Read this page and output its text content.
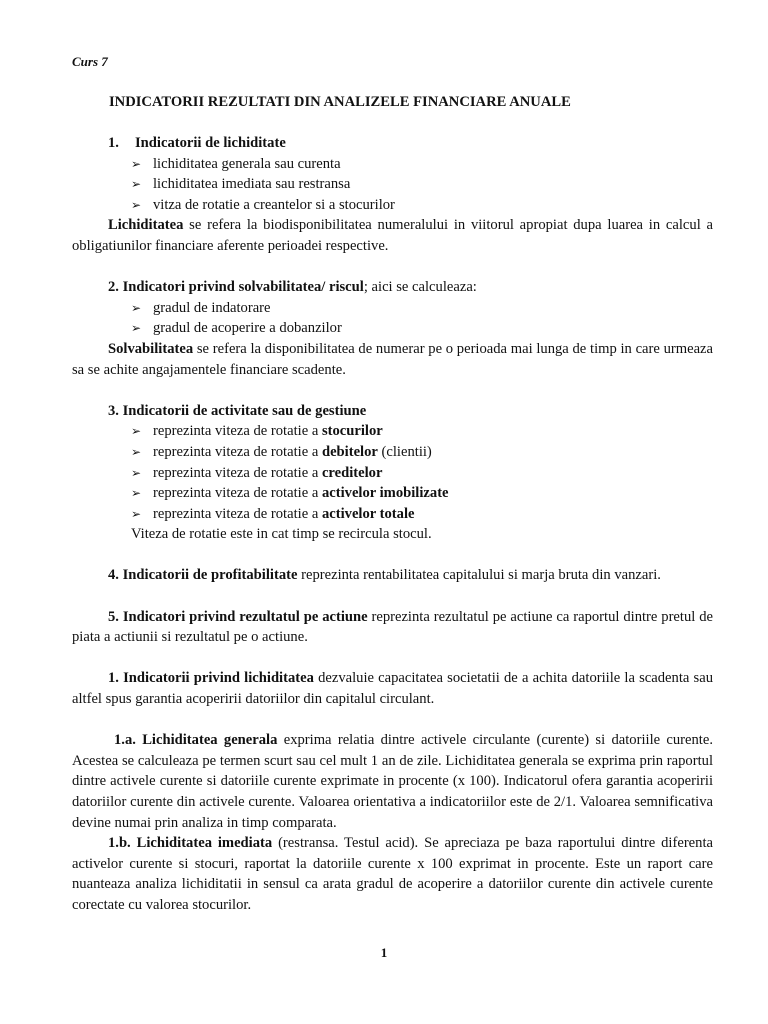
Curs 7
INDICATORII REZULTATI DIN ANALIZELE FINANCIARE ANUALE

1. Indicatorii de lichiditate

➢ lichiditatea generala sau curenta

➢ lichiditatea imediata sau restransa

➢ vitza de rotatie a creantelor si a stocurilor

Lichiditatea se refera la biodisponibilitatea numeralului in viitorul apropiat dupa luarea in calcul a obligatiunilor financiare aferente perioadei respective.

2. Indicatori privind solvabilitatea/ riscul; aici se calculeaza:

➢ gradul de indatorare

➢ gradul de acoperire a dobanzilor

Solvabilitatea se refera la disponibilitatea de numerar pe o perioada mai lunga de timp in care urmeaza sa se achite angajamentele financiare scadente.

3. Indicatorii de activitate sau de gestiune

➢ reprezinta viteza de rotatie a stocurilor

➢ reprezinta viteza de rotatie a debitelor (clientii)

➢ reprezinta viteza de rotatie a creditelor

➢ reprezinta viteza de rotatie a activelor imobilizate

➢ reprezinta viteza de rotatie a activelor totale

Viteza de rotatie este in cat timp se recircula stocul.

4. Indicatorii de profitabilitate reprezinta rentabilitatea capitalului si marja bruta din vanzari.

5. Indicatori privind rezultatul pe actiune reprezinta rezultatul pe actiune ca raportul dintre pretul de piata a actiunii si rezultatul pe o actiune.

1. Indicatorii privind lichiditatea dezvaluie capacitatea societatii de a achita datoriile la scadenta sau altfel spus garantia acoperirii datoriilor din capitalul circulant.

1.a. Lichiditatea generala exprima relatia dintre activele circulante (curente) si datoriile curente. Acestea se calculeaza pe termen scurt sau cel mult 1 an de zile. Lichiditatea generala se exprima prin raportul dintre activele curente si datoriile curente exprimate in procente (x 100). Indicatorul ofera garantia acoperirii datoriilor curente din activele curente. Valoarea orientativa a indicatoriilor este de 2/1. Valoarea semnificativa devine numai prin analiza in timp comparata.

1.b. Lichiditatea imediata (restransa. Testul acid). Se apreciaza pe baza raportului dintre diferenta activelor curente si stocuri, raportat la datoriile curente x 100 exprimat in procente. Este un raport care nuanteaza analiza lichiditatii in sensul ca arata gradul de acoperire a datoriilor curente din activele curente corectate cu valorea stocurilor.

1
